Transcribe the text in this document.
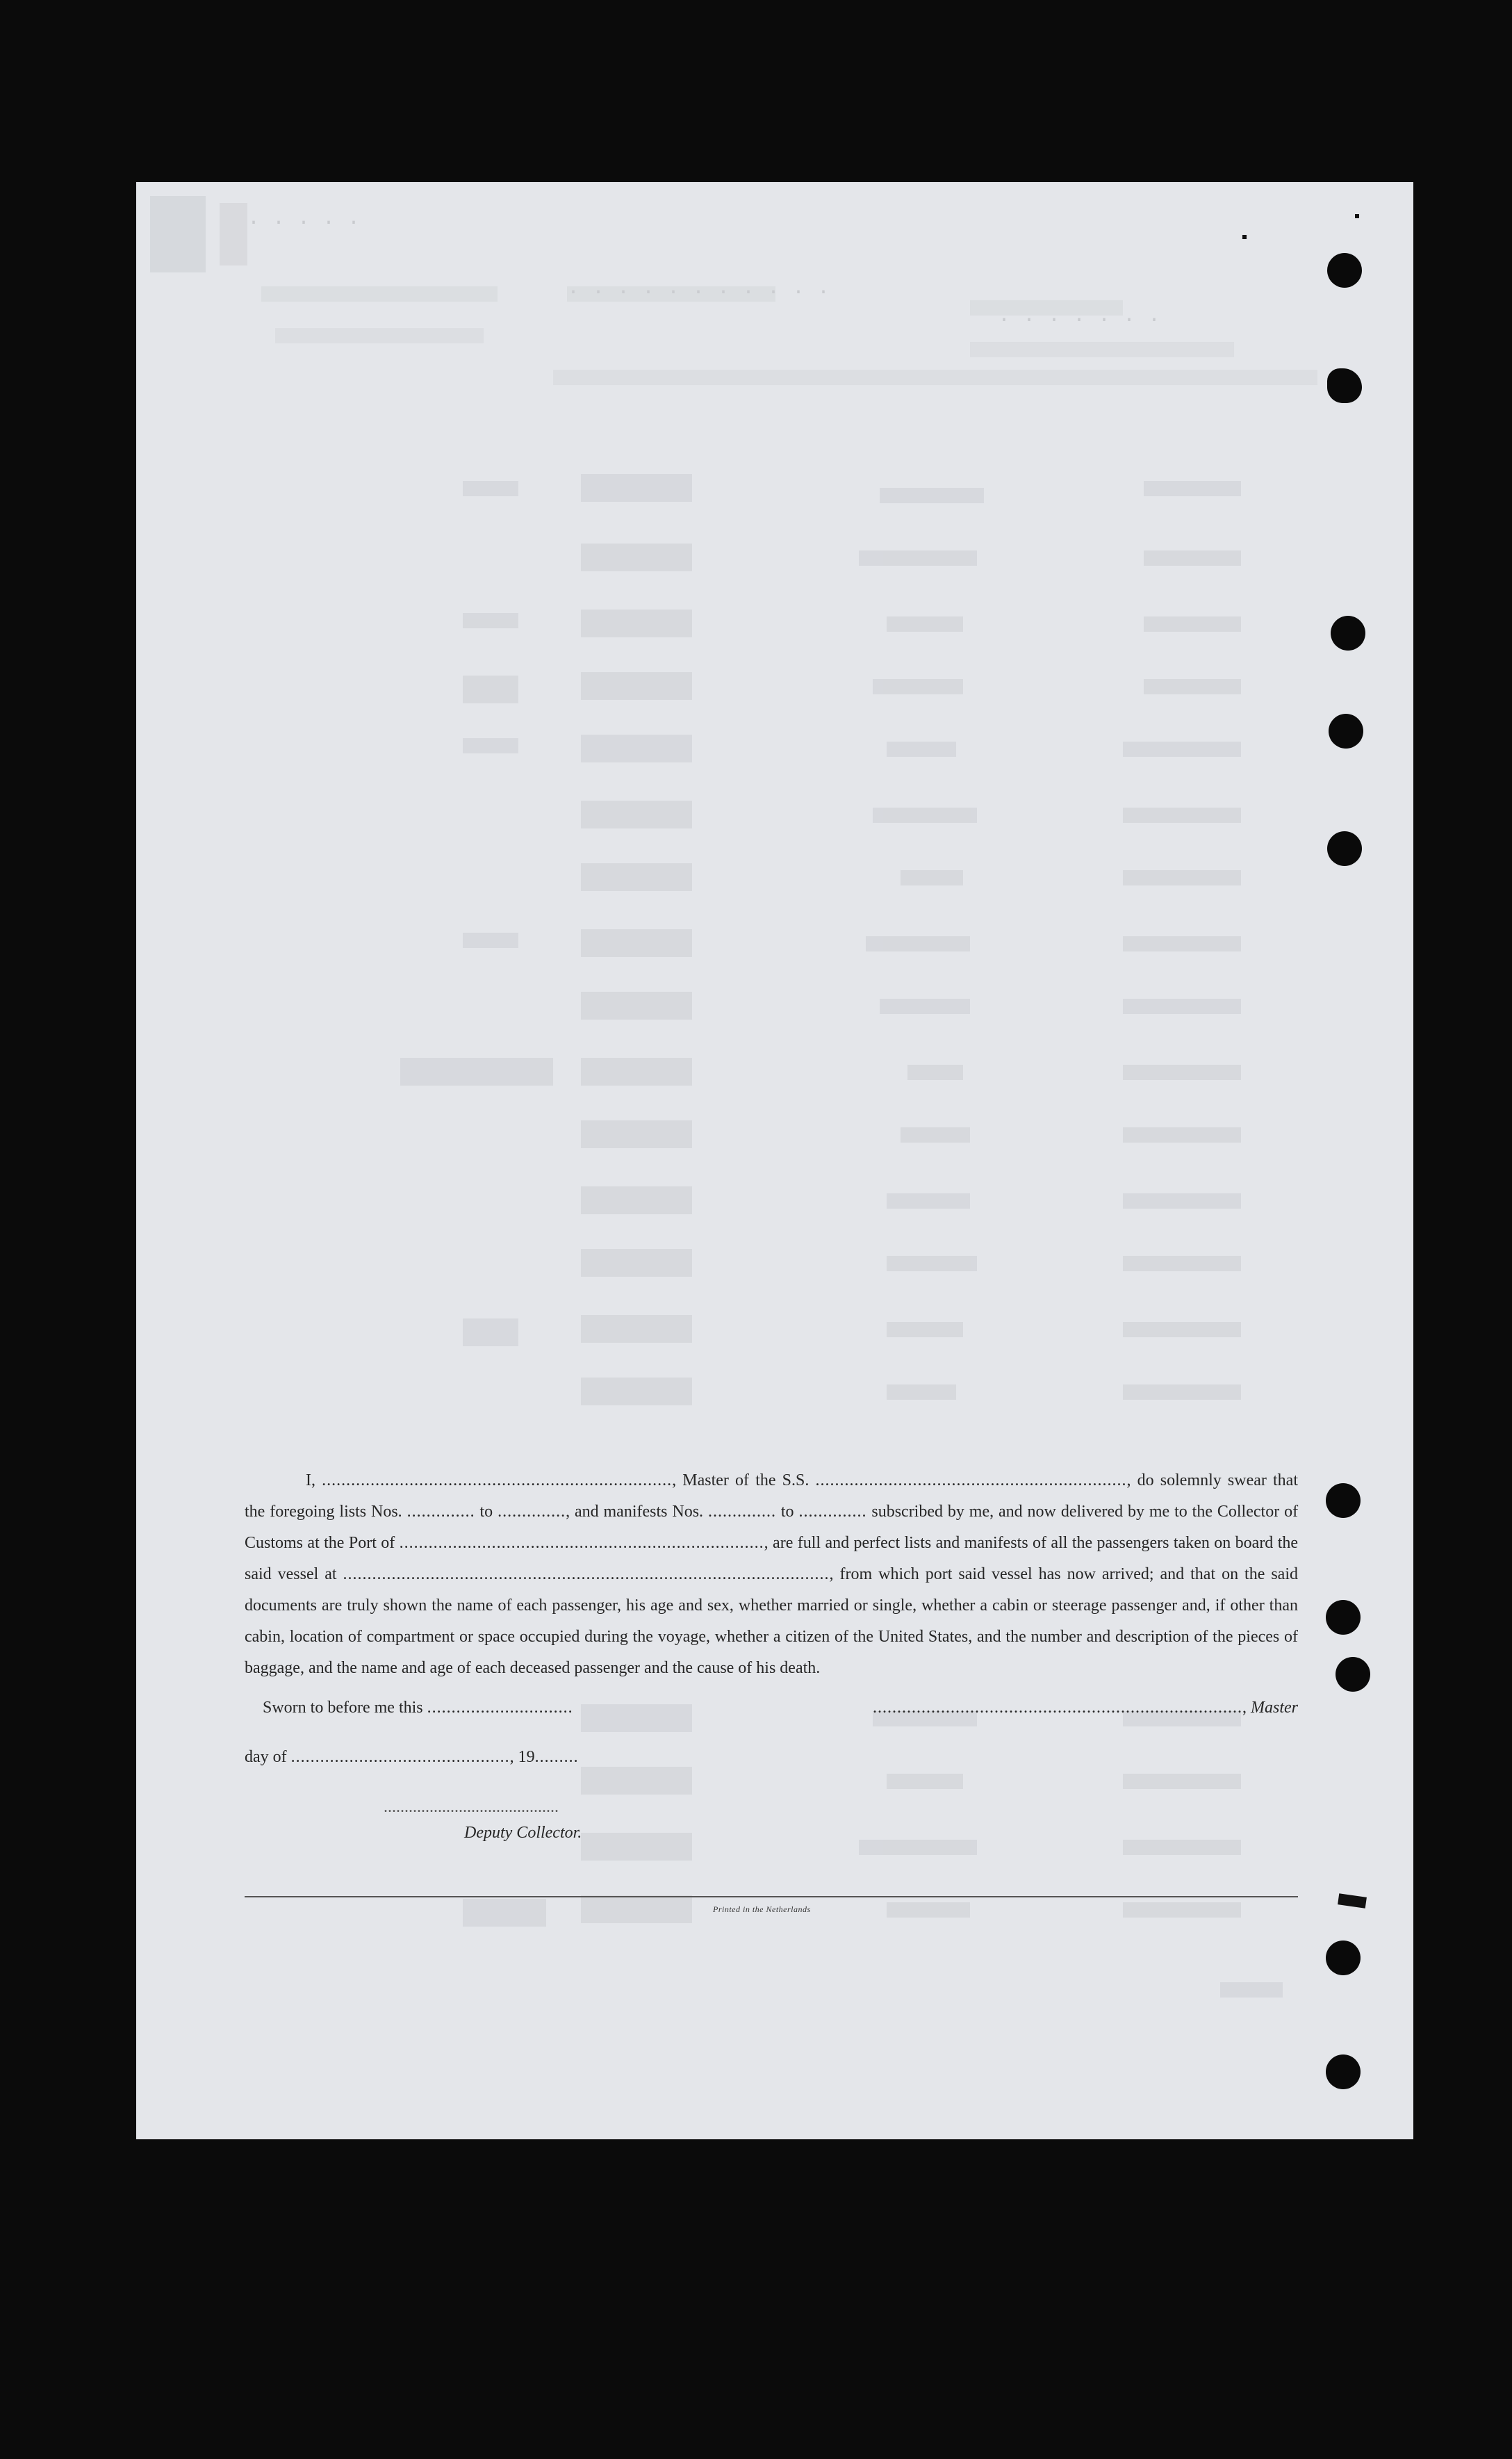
. . . . .
. . . . . . . . . . .
. . . . . . .

I, ........................................................................, Master of the S.S. ................................................................, do solemnly swear that the foregoing lists Nos. .............. to .............., and manifests Nos. .............. to .............. subscribed by me, and now delivered by me to the Collector of Customs at the Port of ..........................................................................., are full and perfect lists and manifests of all the passengers taken on board the said vessel at ...................................................................................................., from which port said vessel has now arrived; and that on the said documents are truly shown the name of each passenger, his age and sex, whether married or single, whether a cabin or steerage passenger and, if other than cabin, location of compartment or space occupied during the voyage, whether a citizen of the United States, and the number and description of the pieces of baggage, and the name and age of each deceased passenger and the cause of his death.

Sworn to before me this ..............................	............................................................................, Master
day of ............................................., 19.........
..........................................
Deputy Collector.
Printed in the Netherlands
